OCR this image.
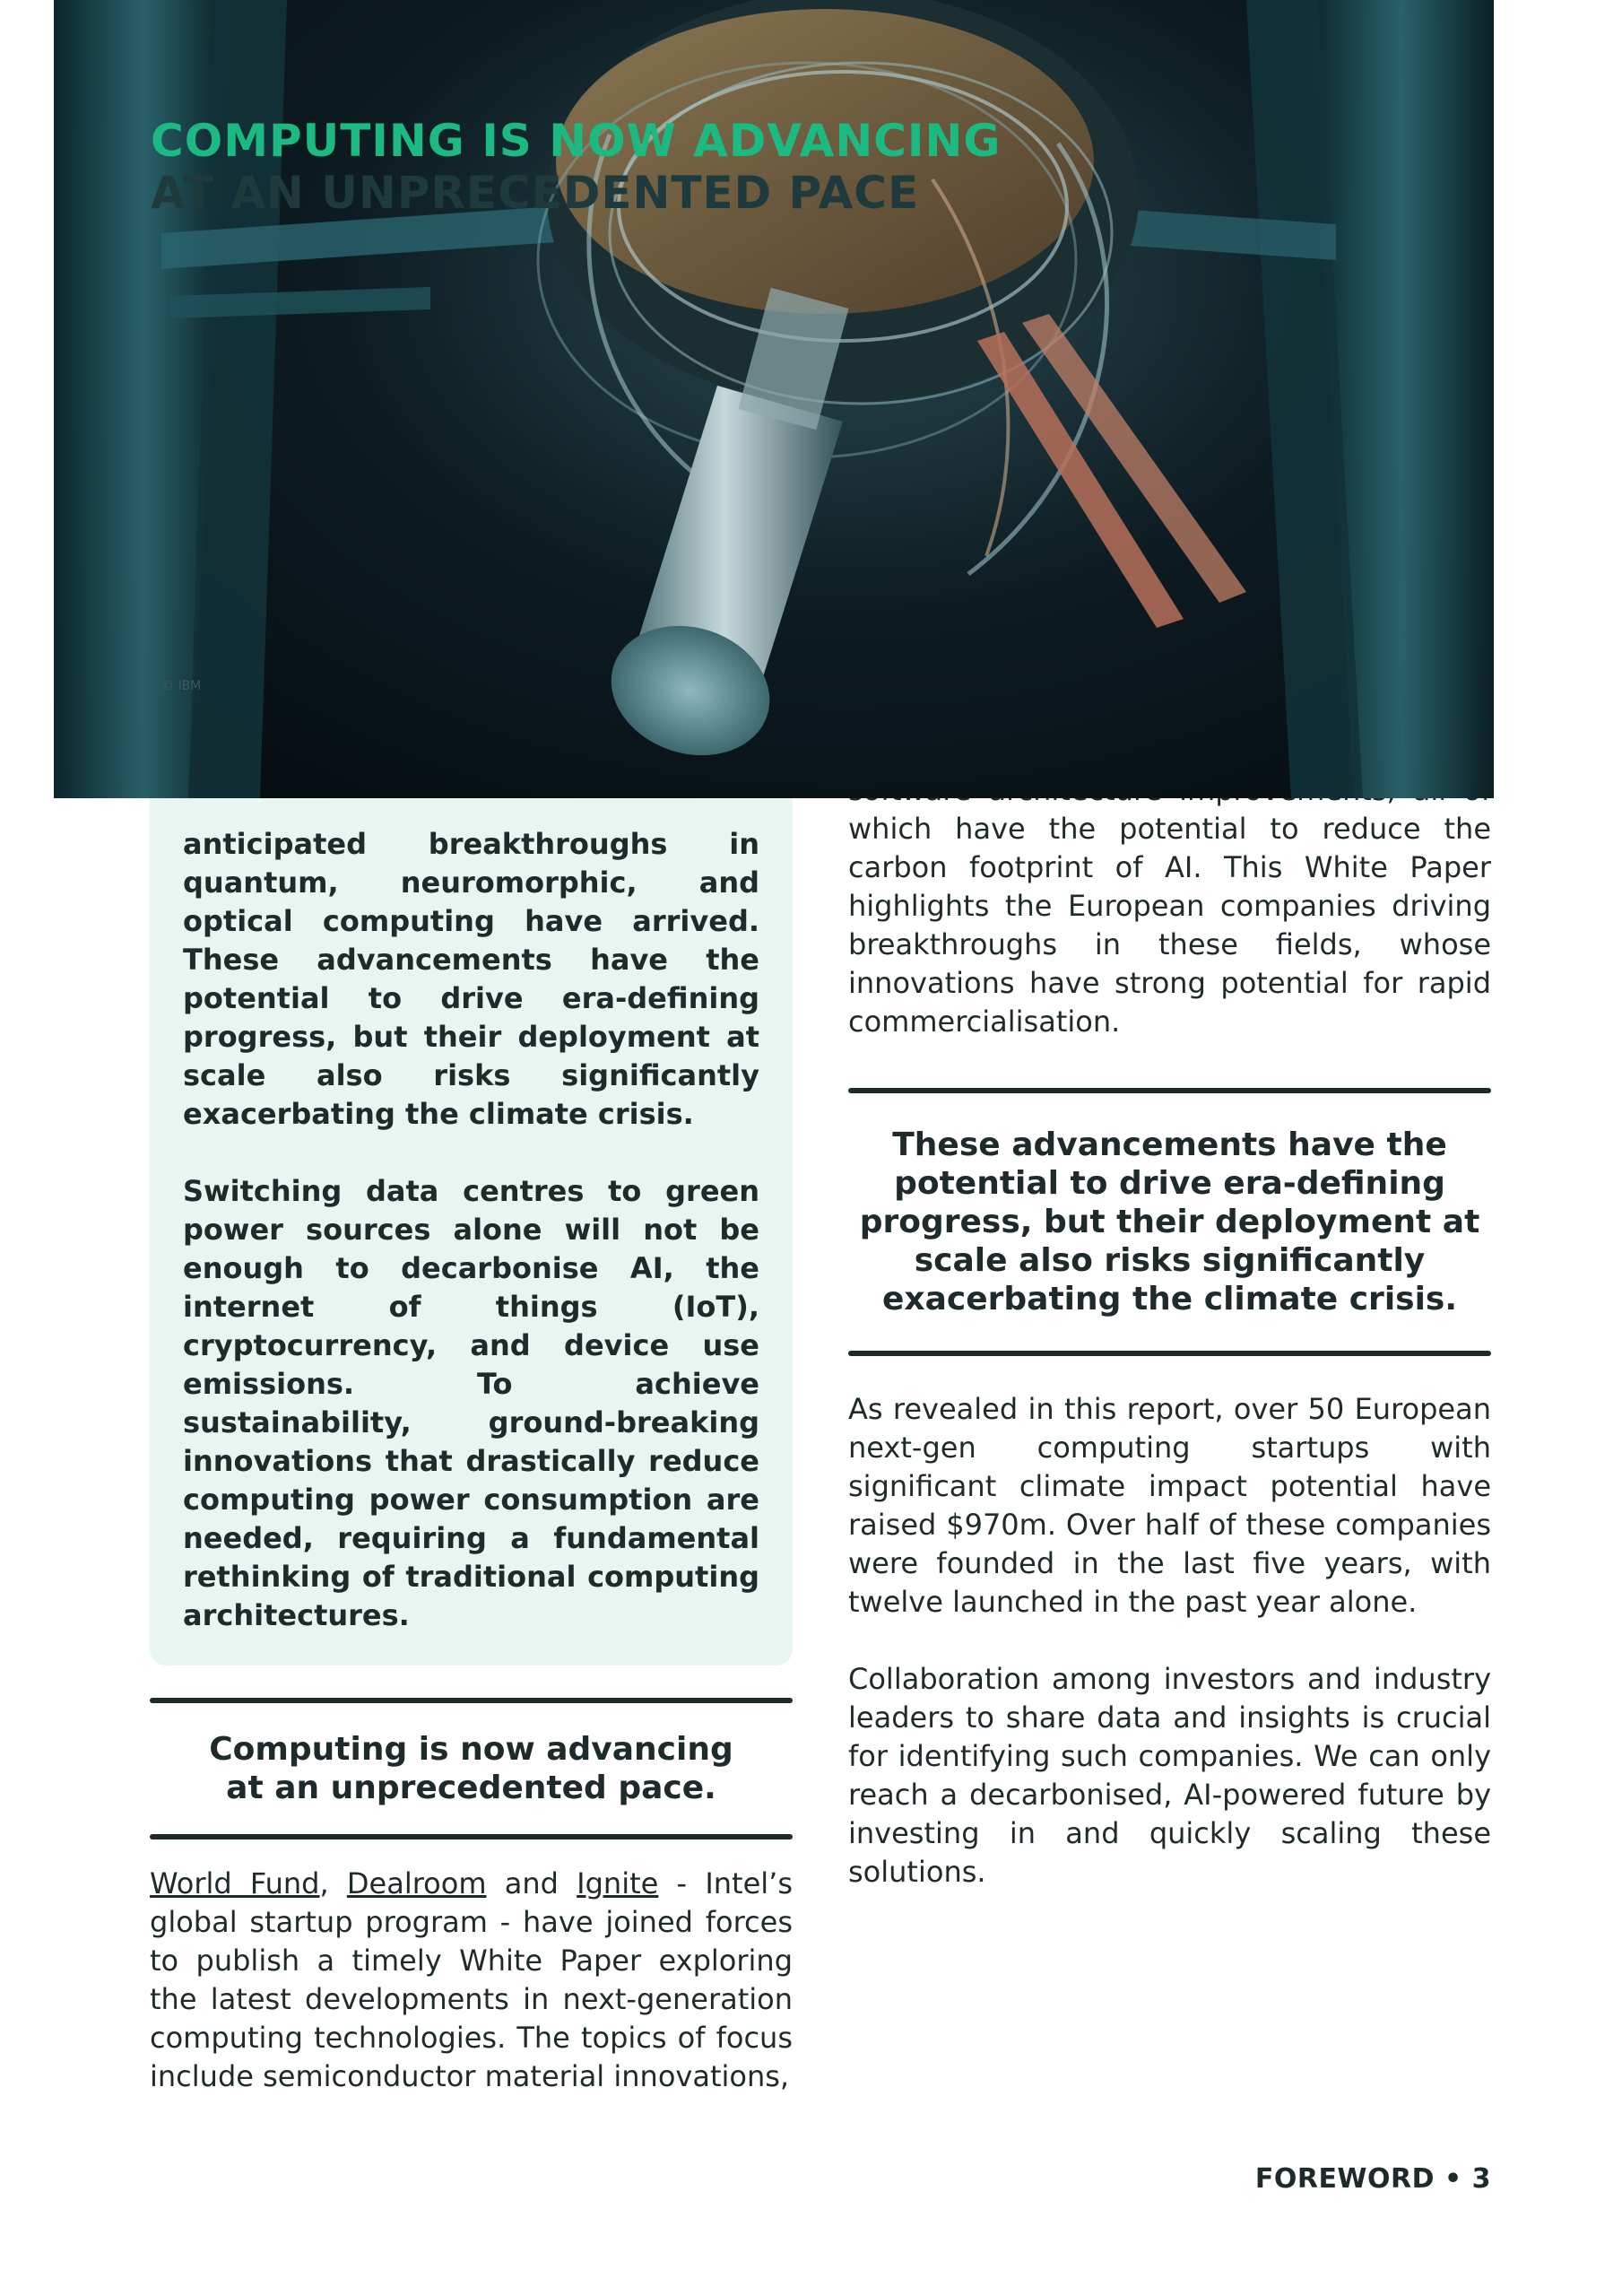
anticipated breakthroughs in quantum, neuromorphic, and optical computing have arrived. These advancements have the potential to drive era-defining progress, but their deployment at scale also risks significantly exacerbating the climate crisis.

Switching data centres to green power sources alone will not be enough to decarbonise AI, the internet of things (IoT), cryptocurrency, and device use emissions. To achieve sustainability, ground-breaking innovations that drastically reduce computing power consumption are needed, requiring a fundamental rethinking of traditional computing architectures.

Computing is now advancing at an unprecedented pace.

World Fund, Dealroom and Ignite - Intel’s global startup program - have joined forces to publish a timely White Paper exploring the latest developments in next-generation computing technologies. The topics of focus include semiconductor material innovations,

which have the potential to reduce the carbon footprint of AI. This White Paper highlights the European companies driving breakthroughs in these fields, whose innovations have strong potential for rapid commercialisation.

These advancements have the potential to drive era-defining progress, but their deployment at scale also risks significantly exacerbating the climate crisis.

As revealed in this report, over 50 European next-gen computing startups with significant climate impact potential have raised $970m. Over half of these companies were founded in the last five years, with twelve launched in the past year alone.

Collaboration among investors and industry leaders to share data and insights is crucial for identifying such companies. We can only reach a decarbonised, AI-powered future by investing in and quickly scaling these solutions.

COMPUTING IS NOW ADVANCING
AT AN UNPRECEDENTED PACE
© IBM
FOREWORD • 3
